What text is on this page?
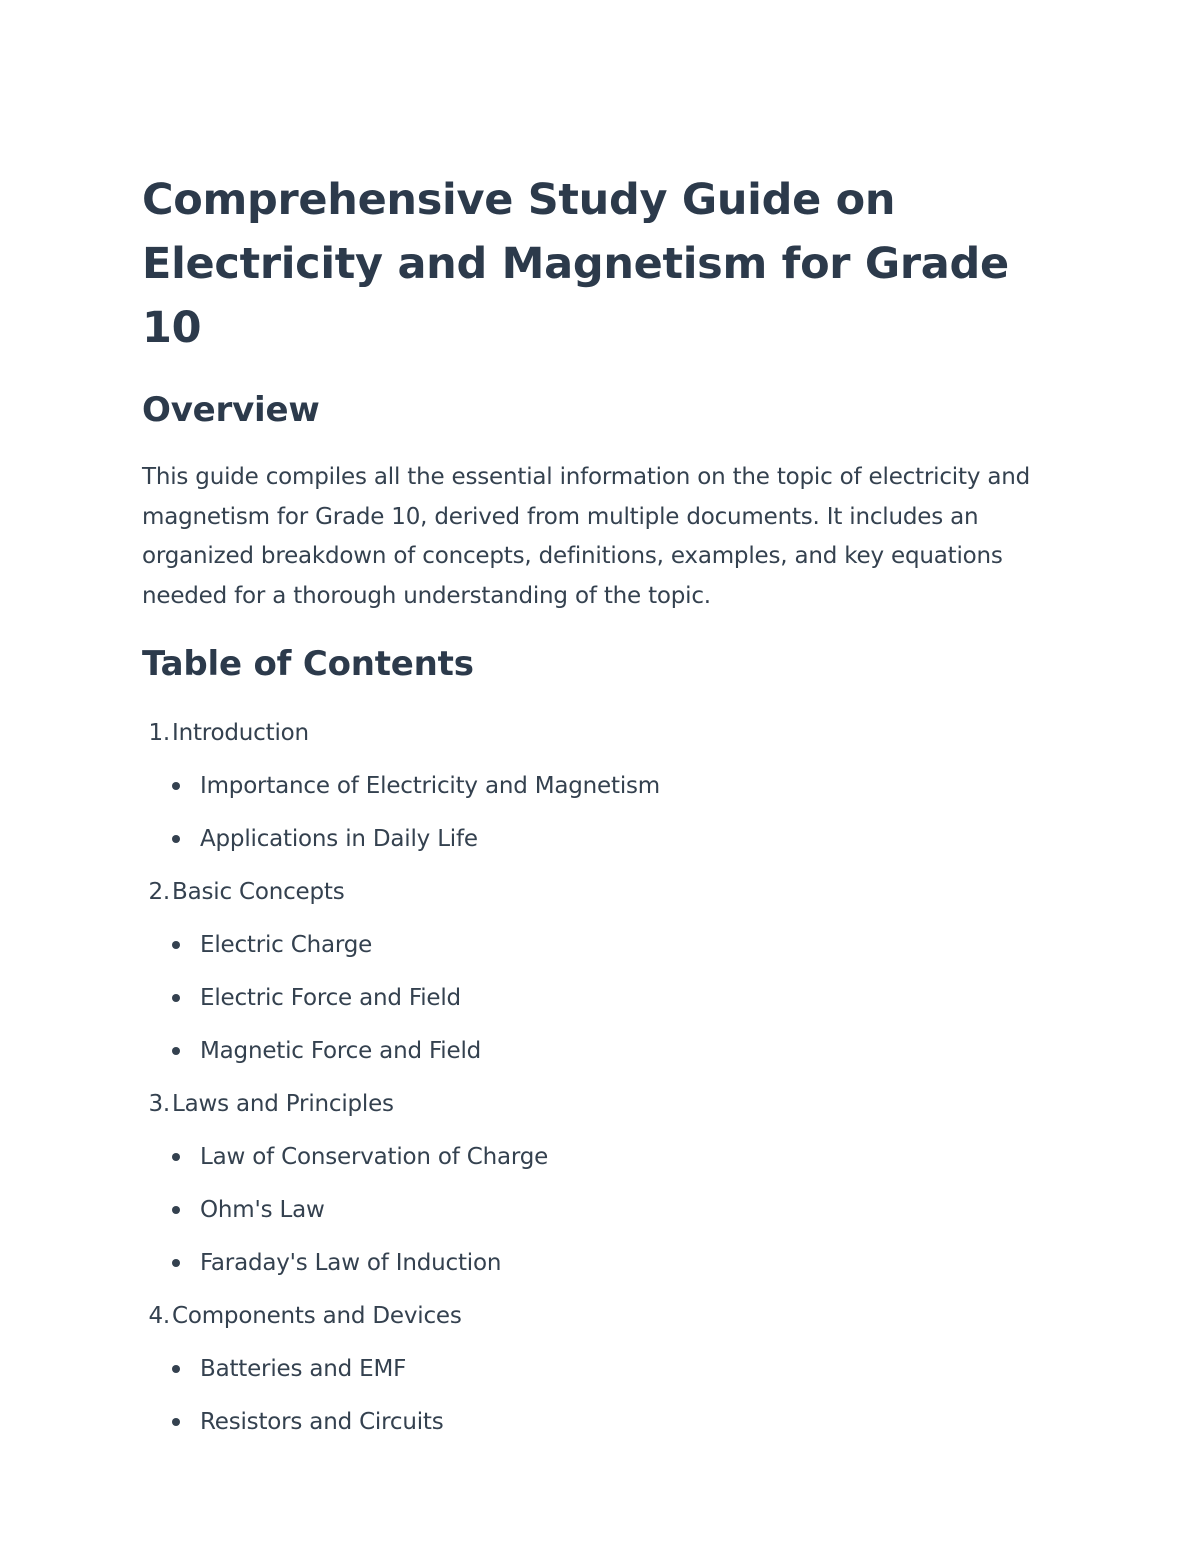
Comprehensive Study Guide on Electricity and Magnetism for Grade 10
Overview

This guide compiles all the essential information on the topic of electricity and magnetism for Grade 10, derived from multiple documents. It includes an organized breakdown of concepts, definitions, examples, and key equations needed for a thorough understanding of the topic.

Table of Contents
1. Introduction
Importance of Electricity and Magnetism
Applications in Daily Life
2. Basic Concepts
Electric Charge
Electric Force and Field
Magnetic Force and Field
3. Laws and Principles
Law of Conservation of Charge
Ohm's Law
Faraday's Law of Induction
4. Components and Devices
Batteries and EMF
Resistors and Circuits
